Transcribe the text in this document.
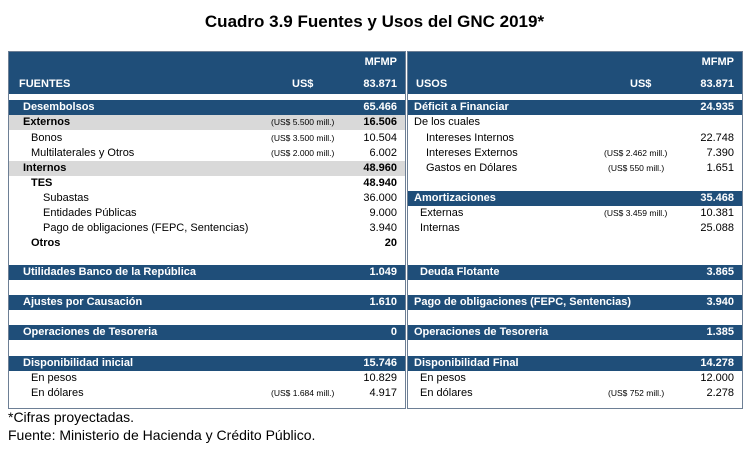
Cuadro 3.9 Fuentes y Usos del GNC 2019*
MFMP
FUENTES	US$	83.871
Desembolsos	65.466
Externos	(US$ 5.500 mill.)	16.506
Bonos	(US$ 3.500 mill.)	10.504
Multilaterales y Otros	(US$ 2.000 mill.)	6.002
Internos	48.960
TES	48.940
Subastas	36.000
Entidades Públicas	9.000
Pago de obligaciones (FEPC, Sentencias)	3.940
Otros	20
Utilidades Banco de la República	1.049
Ajustes por Causación	1.610
Operaciones de Tesoreria	0
Disponibilidad inicial	15.746
En pesos	10.829
En dólares	(US$ 1.684 mill.)	4.917
MFMP
USOS	US$	83.871
Déficit a Financiar	24.935
De los cuales
Intereses Internos	22.748
Intereses Externos	(US$ 2.462 mill.)	7.390
Gastos en Dólares	(US$ 550 mill.)	1.651
Amortizaciones	35.468
Externas	(US$ 3.459 mill.)	10.381
Internas	25.088
Deuda Flotante	3.865
Pago de obligaciones (FEPC, Sentencias)	3.940
Operaciones de Tesoreria	1.385
Disponibilidad Final	14.278
En pesos	12.000
En dólares	(US$ 752 mill.)	2.278
*Cifras proyectadas.
Fuente: Ministerio de Hacienda y Crédito Público.
